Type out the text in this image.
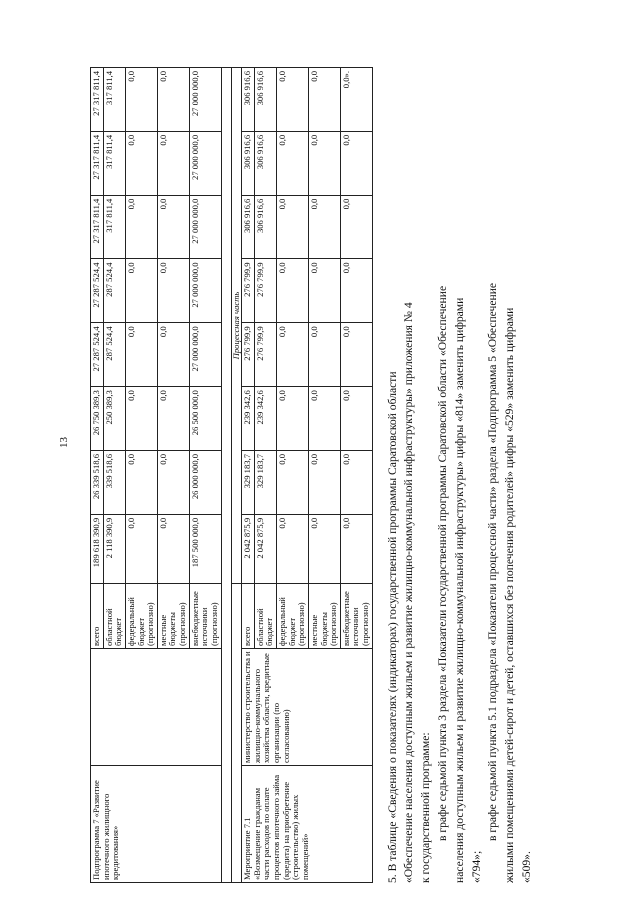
13
Подпрограмма 7 «Развитие ипотечного жилищного кредитования»		всего	189 618 390,9	26 339 518,6	26 750 389,3	27 287 524,4	27 287 524,4	27 317 811,4	27 317 811,4	27 317 811,4
		областной бюджет	2 118 390,9	339 518,6	250 389,3	287 524,4	287 524,4	317 811,4	317 811,4	317 811,4
		федеральный бюджет (прогнозно)	0,0	0,0	0,0	0,0	0,0	0,0	0,0	0,0
		местные бюджеты (прогнозно)	0,0	0,0	0,0	0,0	0,0	0,0	0,0	0,0
		внебюджетные источники (прогнозно)	187 500 000,0	26 000 000,0	26 500 000,0	27 000 000,0	27 000 000,0	27 000 000,0	27 000 000,0	27 000 000,0

			Процессная часть							
Мероприятие 7.1 «Возмещение гражданам части расходов по оплате процентов ипотечного займа (кредита) на приобретение (строительство) жилых помещений»	министерство строительства и жилищно-коммунального хозяйства области, кредитные организации (по согласованию)	всего	2 042 875,9	329 183,7	239 342,6	276 799,9	276 799,9	306 916,6	306 916,6	306 916,6
		областной бюджет	2 042 875,9	329 183,7	239 342,6	276 799,9	276 799,9	306 916,6	306 916,6	306 916,6
		федеральный бюджет (прогнозно)	0,0	0,0	0,0	0,0	0,0	0,0	0,0	0,0
		местные бюджеты (прогнозно)	0,0	0,0	0,0	0,0	0,0	0,0	0,0	0,0
		внебюджетные источники (прогнозно)	0,0	0,0	0,0	0,0	0,0	0,0	0,0	0,0».
5. В таблице «Сведения о показателях (индикаторах) государственной программы Саратовской области «Обеспечение населения доступным жильем и развитие жилищно-коммунальной инфраструктуры» приложения № 4 к государственной программе: в графе седьмой пункта 3 раздела «Показатели государственной программы Саратовской области «Обеспечение населения доступным жильем и развитие жилищно-коммунальной инфраструктуры» цифры «814» заменить цифрами «794»;
в графе седьмой пункта 5.1 подраздела «Показатели процессной части» раздела «Подпрограмма 5 «Обеспечение жилыми помещениями детей-сирот и детей, оставшихся без попечения родителей» цифры «529» заменить цифрами «509».
